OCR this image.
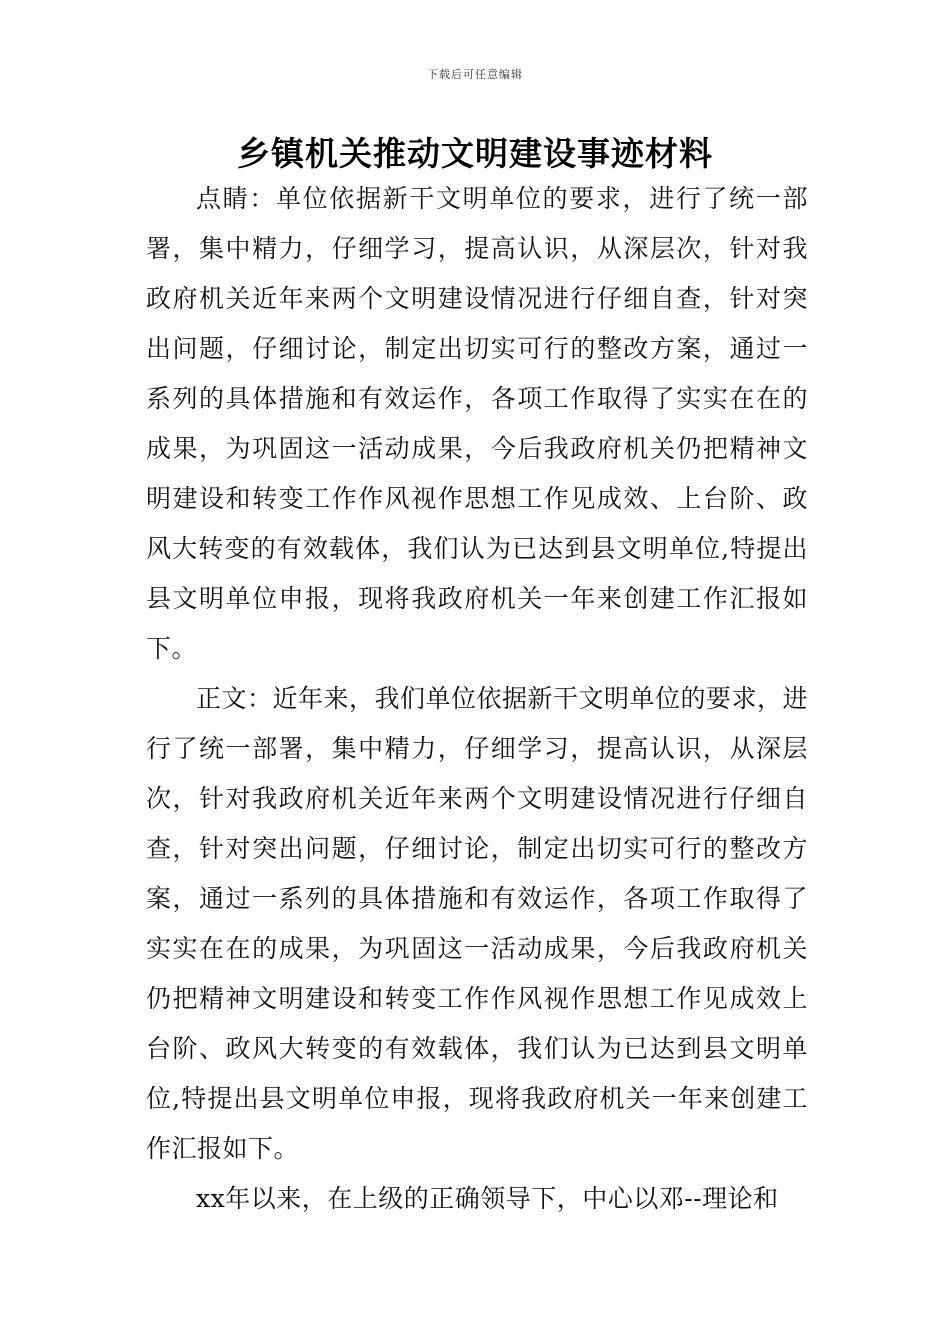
下载后可任意编辑
乡镇机关推动文明建设事迹材料

点睛：单位依据新干文明单位的要求，进行了统一部署，集中精力，仔细学习，提高认识，从深层次，针对我政府机关近年来两个文明建设情况进行仔细自查，针对突出问题，仔细讨论，制定出切实可行的整改方案，通过一系列的具体措施和有效运作，各项工作取得了实实在在的成果，为巩固这一活动成果，今后我政府机关仍把精神文明建设和转变工作作风视作思想工作见成效、上台阶、政风大转变的有效载体，我们认为已达到县文明单位,特提出县文明单位申报，现将我政府机关一年来创建工作汇报如下。

正文：近年来，我们单位依据新干文明单位的要求，进行了统一部署，集中精力，仔细学习，提高认识，从深层次，针对我政府机关近年来两个文明建设情况进行仔细自查，针对突出问题，仔细讨论，制定出切实可行的整改方案，通过一系列的具体措施和有效运作，各项工作取得了实实在在的成果，为巩固这一活动成果，今后我政府机关仍把精神文明建设和转变工作作风视作思想工作见成效上台阶、政风大转变的有效载体，我们认为已达到县文明单位,特提出县文明单位申报，现将我政府机关一年来创建工作汇报如下。

xx年以来，在上级的正确领导下，中心以邓--理论和
